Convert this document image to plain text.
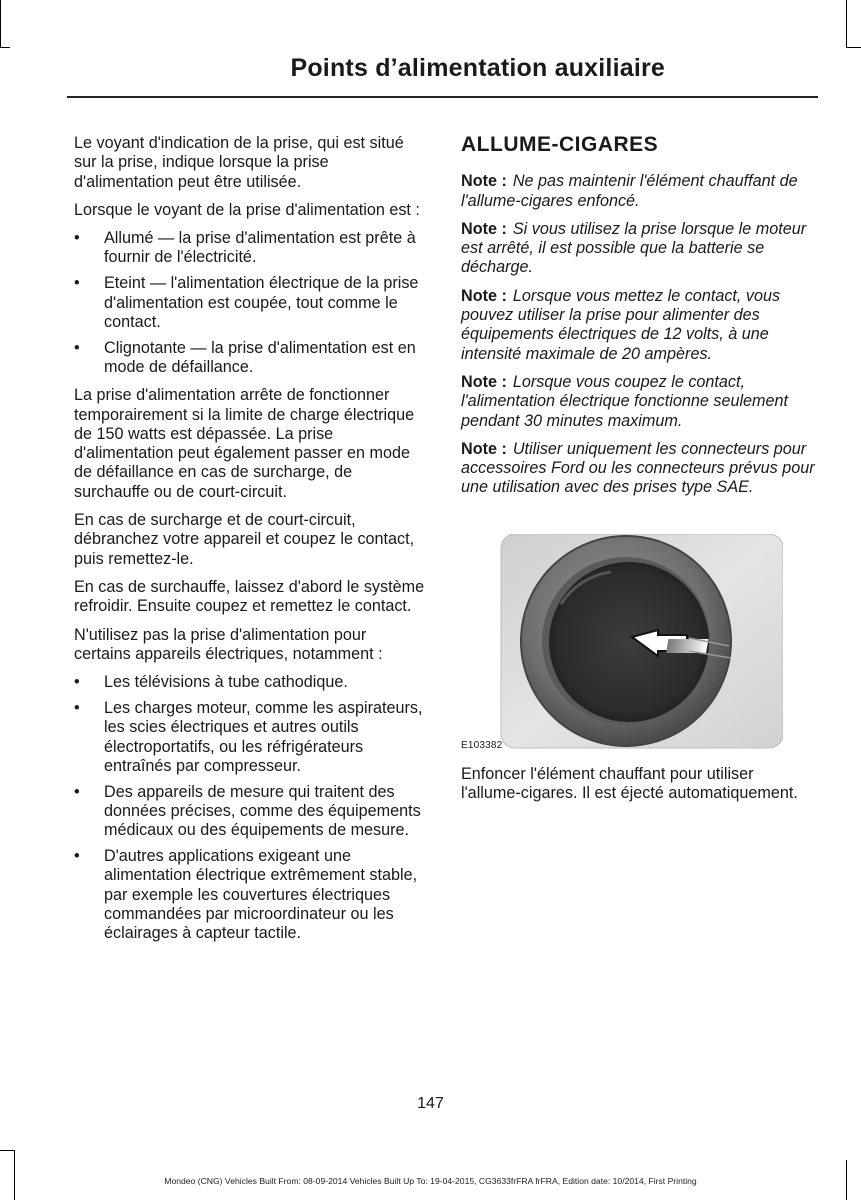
Points d’alimentation auxiliaire

Le voyant d'indication de la prise, qui est situé sur la prise, indique lorsque la prise d'alimentation peut être utilisée.

Lorsque le voyant de la prise d'alimentation est :

• Allumé — la prise d'alimentation est prête à fournir de l'électricité.
• Eteint — l'alimentation électrique de la prise d'alimentation est coupée, tout comme le contact.
• Clignotante — la prise d'alimentation est en mode de défaillance.

La prise d'alimentation arrête de fonctionner temporairement si la limite de charge électrique de 150 watts est dépassée. La prise d'alimentation peut également passer en mode de défaillance en cas de surcharge, de surchauffe ou de court-circuit.

En cas de surcharge et de court-circuit, débranchez votre appareil et coupez le contact, puis remettez-le.

En cas de surchauffe, laissez d'abord le système refroidir. Ensuite coupez et remettez le contact.

N'utilisez pas la prise d'alimentation pour certains appareils électriques, notamment :

• Les télévisions à tube cathodique.
• Les charges moteur, comme les aspirateurs, les scies électriques et autres outils électroportatifs, ou les réfrigérateurs entraînés par compresseur.
• Des appareils de mesure qui traitent des données précises, comme des équipements médicaux ou des équipements de mesure.
• D'autres applications exigeant une alimentation électrique extrêmement stable, par exemple les couvertures électriques commandées par microordinateur ou les éclairages à capteur tactile.
ALLUME-CIGARES

Note : Ne pas maintenir l'élément chauffant de l'allume-cigares enfoncé.

Note : Si vous utilisez la prise lorsque le moteur est arrêté, il est possible que la batterie se décharge.

Note : Lorsque vous mettez le contact, vous pouvez utiliser la prise pour alimenter des équipements électriques de 12 volts, à une intensité maximale de 20 ampères.

Note : Lorsque vous coupez le contact, l'alimentation électrique fonctionne seulement pendant 30 minutes maximum.

Note : Utiliser uniquement les connecteurs pour accessoires Ford ou les connecteurs prévus pour une utilisation avec des prises type SAE.

E103382

Enfoncer l'élément chauffant pour utiliser l'allume-cigares. Il est éjecté automatiquement.

147
Mondeo (CNG) Vehicles Built From: 08-09-2014 Vehicles Built Up To: 19-04-2015, CG3633frFRA frFRA, Edition date: 10/2014, First Printing
